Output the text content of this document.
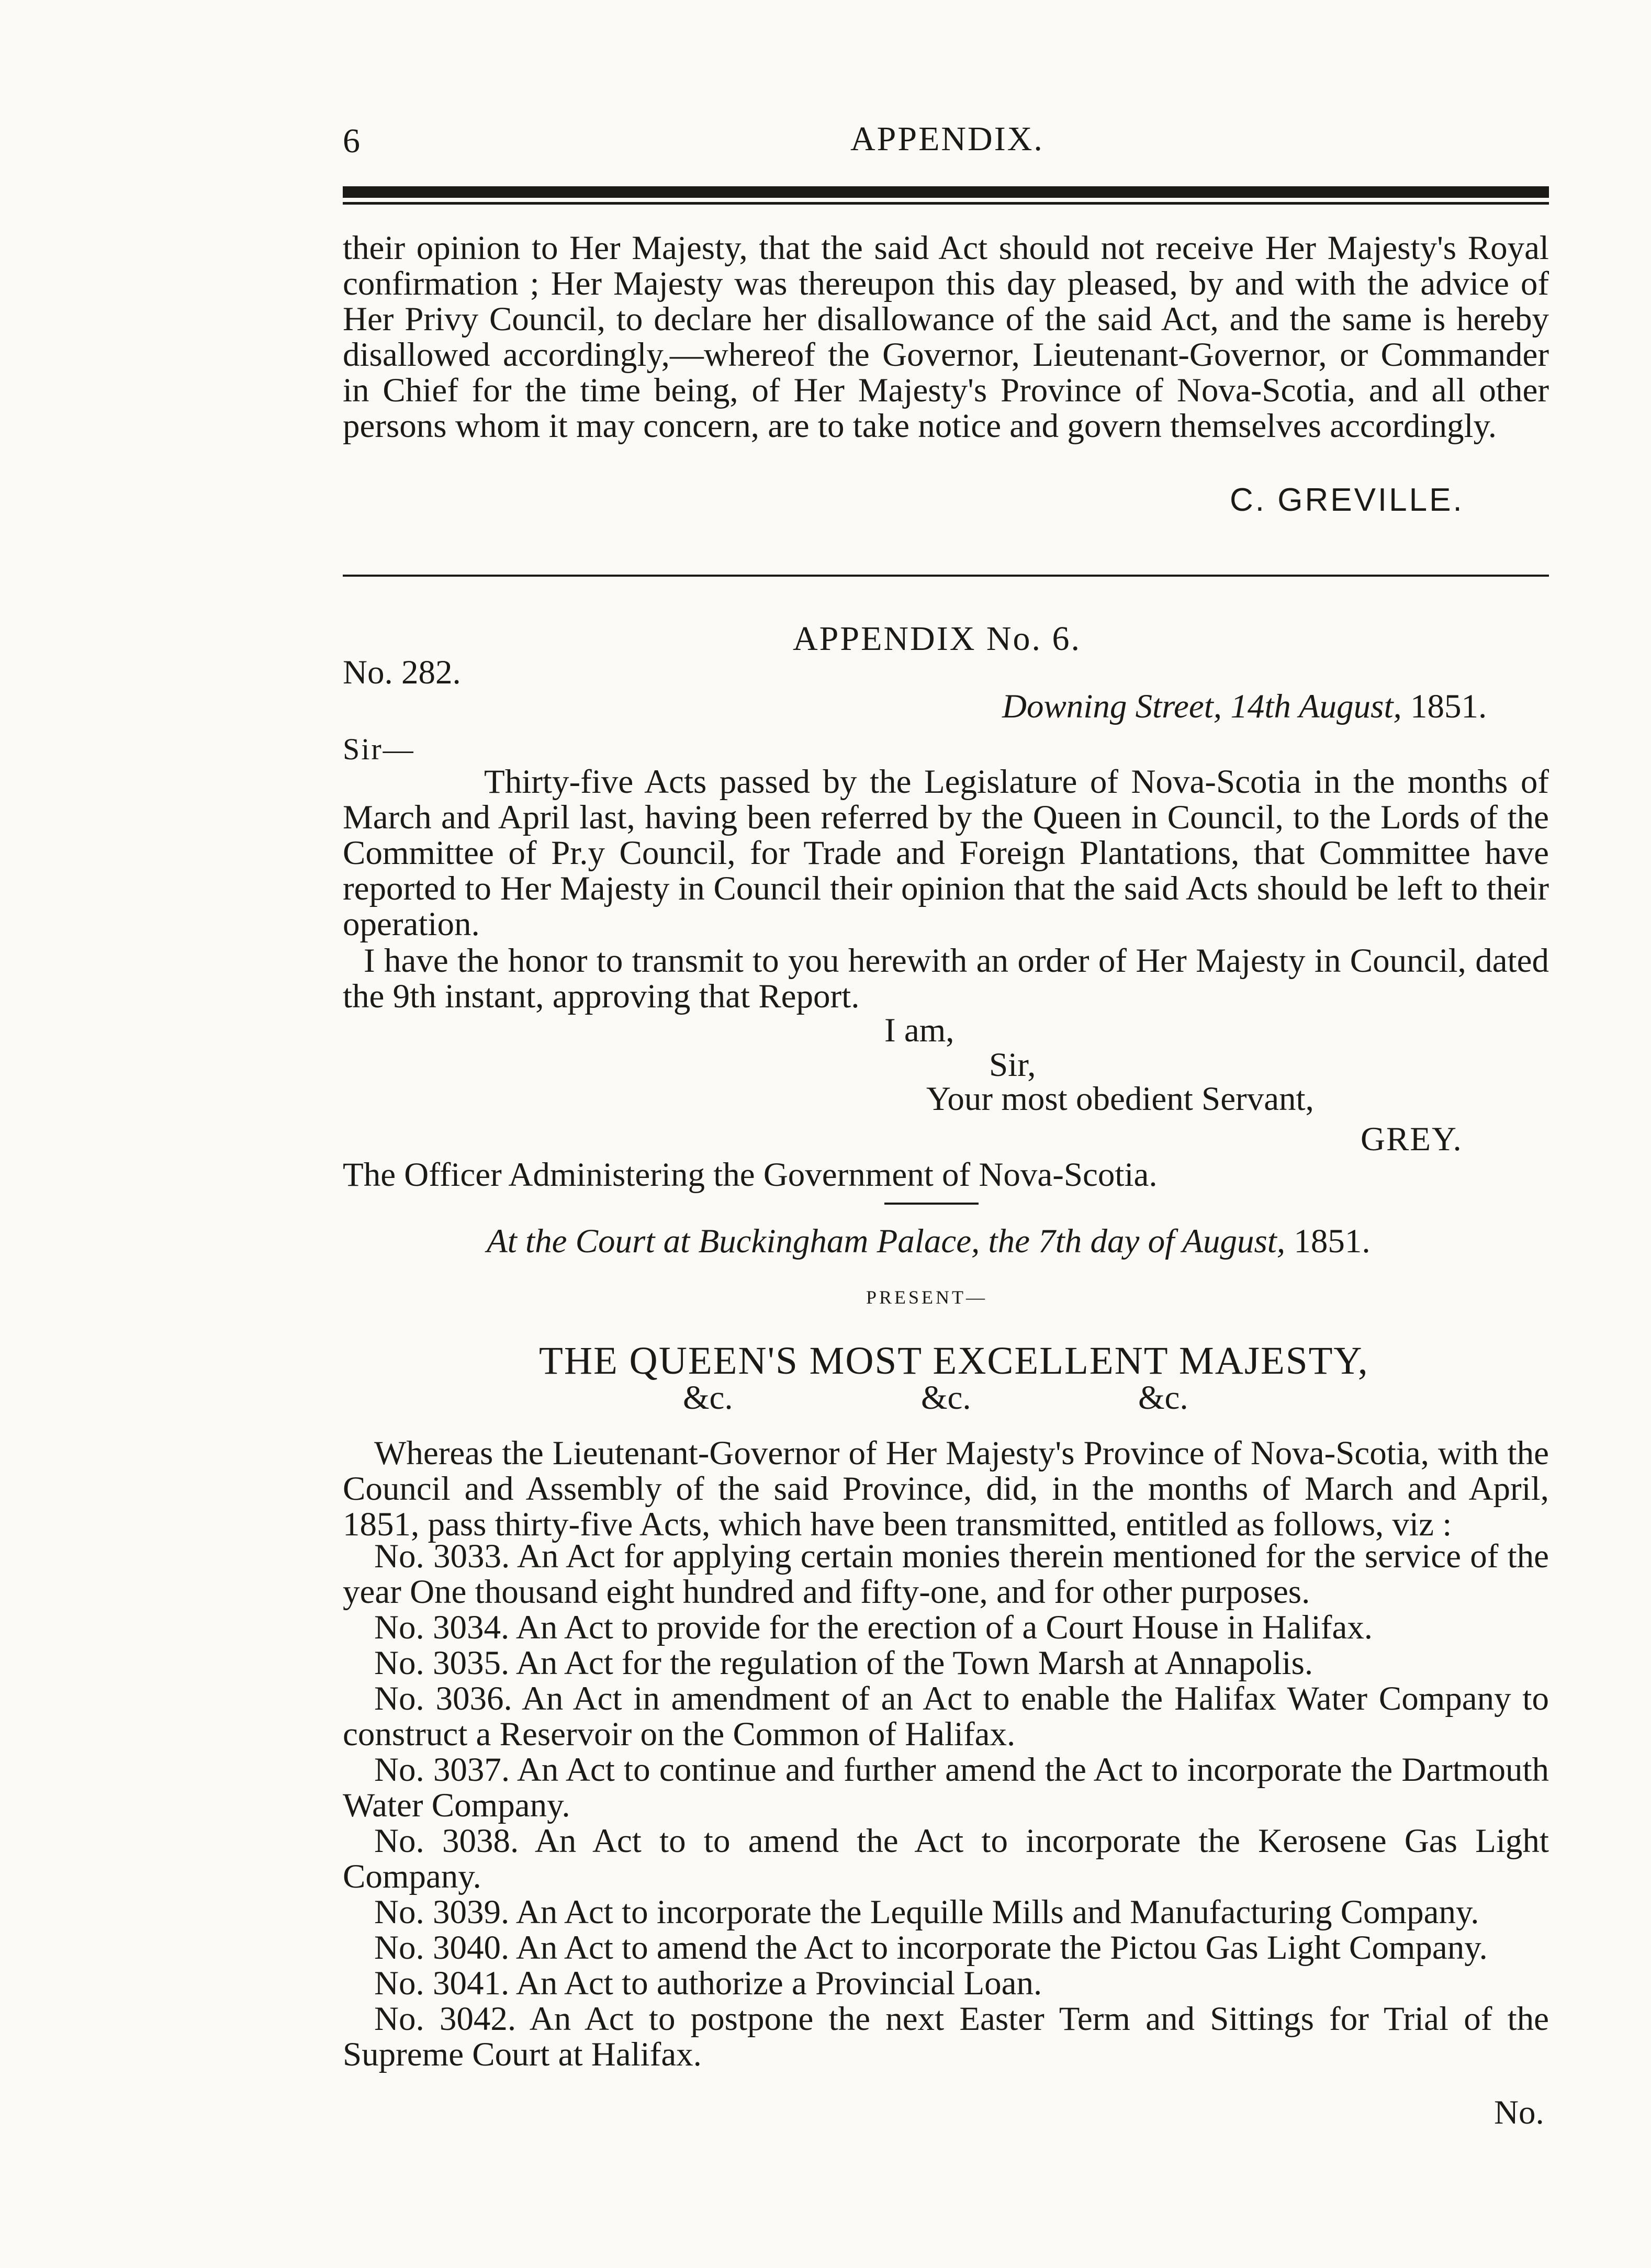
6	APPENDIX.
their opinion to Her Majesty, that the said Act should not receive Her Majesty's Royal confirmation ; Her Majesty was thereupon this day pleased, by and with the advice of Her Privy Council, to declare her disallowance of the said Act, and the same is hereby disallowed accordingly,—whereof the Governor, Lieutenant-Governor, or Commander in Chief for the time being, of Her Majesty's Province of Nova-Scotia, and all other persons whom it may concern, are to take notice and govern themselves accordingly.
C. GREVILLE.
APPENDIX No. 6.
No. 282.
Downing Street, 14th August, 1851.
Sir—
Thirty-five Acts passed by the Legislature of Nova-Scotia in the months of March and April last, having been referred by the Queen in Council, to the Lords of the Committee of Pr.y Council, for Trade and Foreign Plantations, that Committee have reported to Her Majesty in Council their opinion that the said Acts should be left to their operation.
I have the honor to transmit to you herewith an order of Her Majesty in Council, dated the 9th instant, approving that Report.
I am,
Sir,
Your most obedient Servant,
GREY.
The Officer Administering the Government of Nova-Scotia.
At the Court at Buckingham Palace, the 7th day of August, 1851.
PRESENT—
THE QUEEN'S MOST EXCELLENT MAJESTY,
&c.	&c.	&c.
Whereas the Lieutenant-Governor of Her Majesty's Province of Nova-Scotia, with the Council and Assembly of the said Province, did, in the months of March and April, 1851, pass thirty-five Acts, which have been transmitted, entitled as follows, viz :

No. 3033. An Act for applying certain monies therein mentioned for the service of the year One thousand eight hundred and fifty-one, and for other purposes.

No. 3034. An Act to provide for the erection of a Court House in Halifax.

No. 3035. An Act for the regulation of the Town Marsh at Annapolis.

No. 3036. An Act in amendment of an Act to enable the Halifax Water Company to construct a Reservoir on the Common of Halifax.

No. 3037. An Act to continue and further amend the Act to incorporate the Dartmouth Water Company.

No. 3038. An Act to to amend the Act to incorporate the Kerosene Gas Light Company.

No. 3039. An Act to incorporate the Lequille Mills and Manufacturing Company.

No. 3040. An Act to amend the Act to incorporate the Pictou Gas Light Company.

No. 3041. An Act to authorize a Provincial Loan.

No. 3042. An Act to postpone the next Easter Term and Sittings for Trial of the Supreme Court at Halifax.

No.
